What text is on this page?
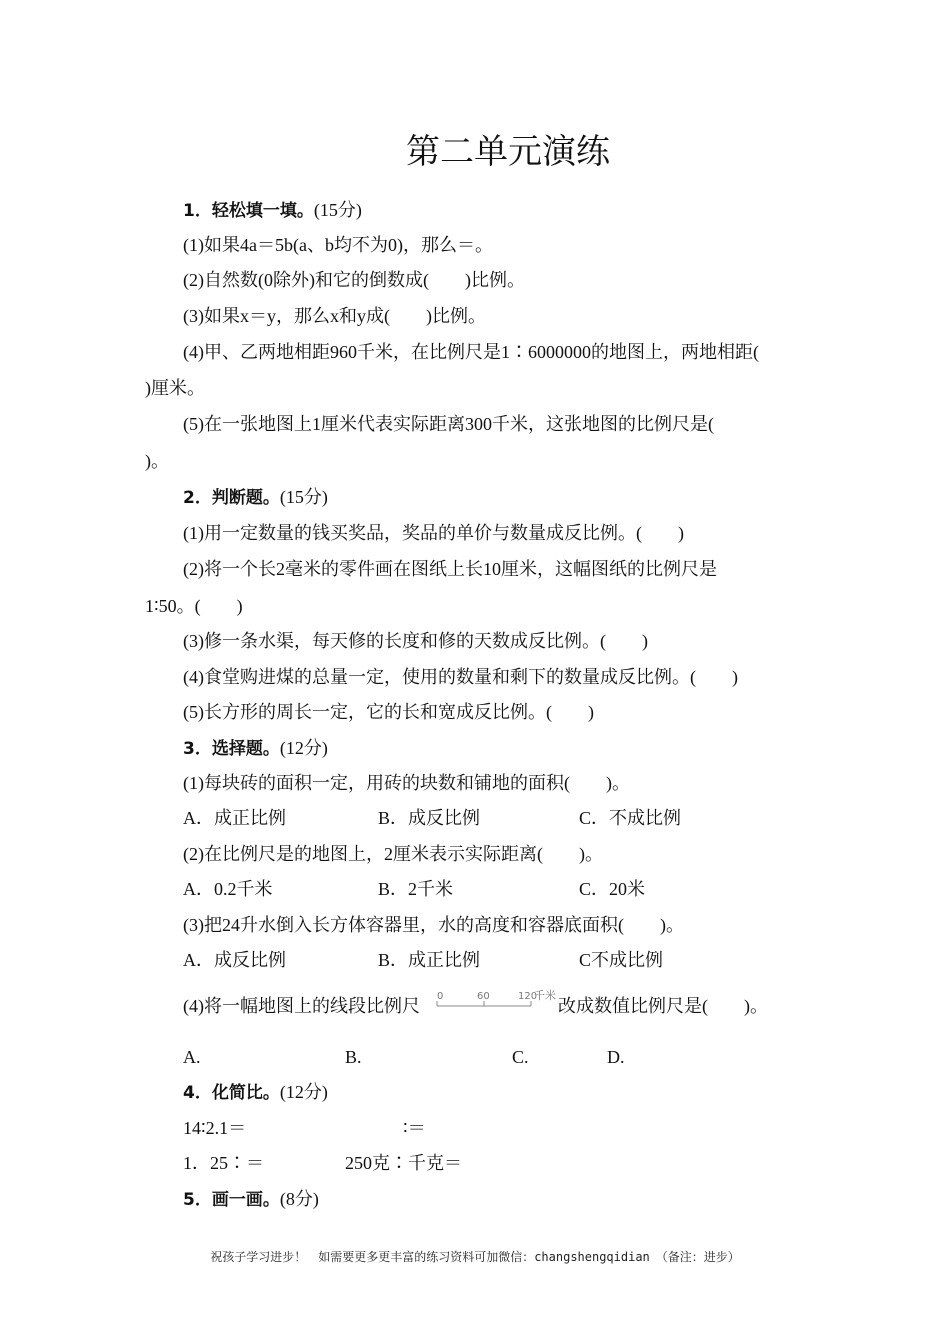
第二单元演练
1．轻松填一填。(15分)
(1)如果4a＝5b(a、b均不为0)，那么＝。
(2)自然数(0除外)和它的倒数成(　　)比例。
(3)如果x＝y，那么x和y成(　　)比例。
(4)甲、乙两地相距960千米，在比例尺是1∶6000000的地图上，两地相距(
)厘米。
(5)在一张地图上1厘米代表实际距离300千米，这张地图的比例尺是(
)。
2．判断题。(15分)
(1)用一定数量的钱买奖品，奖品的单价与数量成反比例。(　　)
(2)将一个长2毫米的零件画在图纸上长10厘米，这幅图纸的比例尺是
1∶50。(　　)
(3)修一条水渠，每天修的长度和修的天数成反比例。(　　)
(4)食堂购进煤的总量一定，使用的数量和剩下的数量成反比例。(　　)
(5)长方形的周长一定，它的长和宽成反比例。(　　)
3．选择题。(12分)
(1)每块砖的面积一定，用砖的块数和铺地的面积(　　)。
A．成正比例	B．成反比例	C．不成比例
(2)在比例尺是的地图上，2厘米表示实际距离(　　)。
A．0.2千米	B．2千米	C．20米
(3)把24升水倒入长方体容器里，水的高度和容器底面积(　　)。
A．成反比例	B．成正比例	C不成比例
(4)将一幅地图上的线段比例尺 0	60	120
千米
改成数值比例尺是(　　)。
A.	B.	C.	D.
4．化简比。(12分)
14∶2.1＝	∶＝
1．25∶＝	250克∶千克＝
5．画一画。(8分)
祝孩子学习进步！　如需要更多更丰富的练习资料可加微信：changshengqidian　（备注：进步）
